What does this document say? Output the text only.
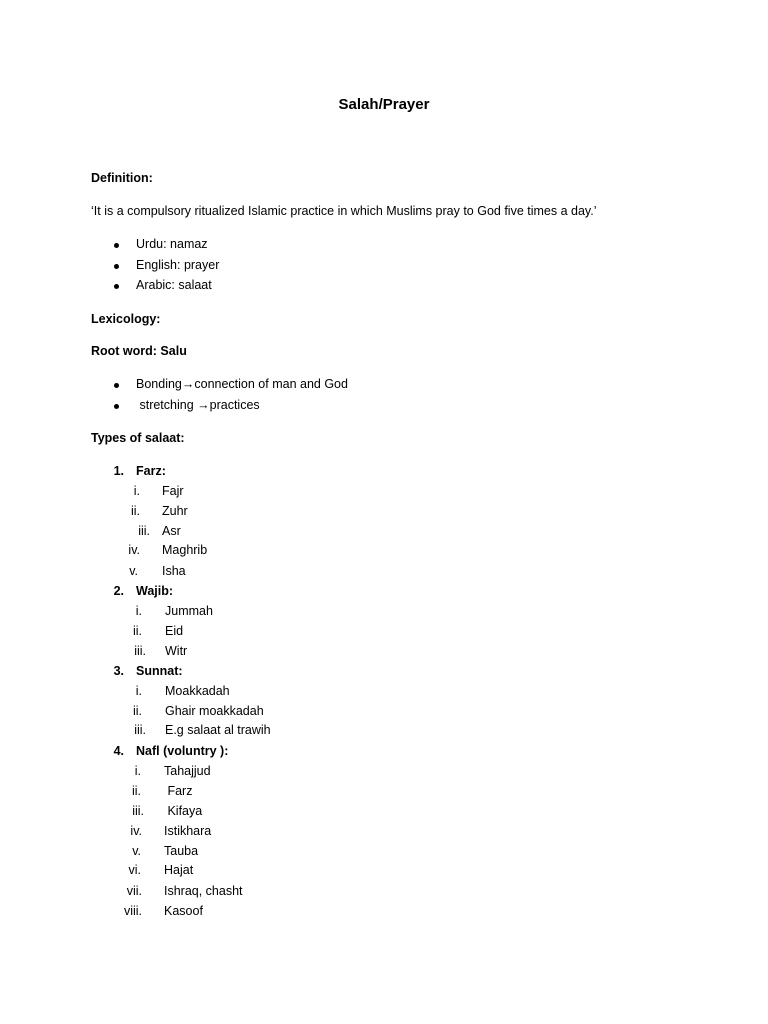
Salah/Prayer
Definition:
‘It is a compulsory ritualized Islamic practice in which Muslims pray to God five times a day.’
Urdu: namaz
English: prayer
Arabic: salaat
Lexicology:
Root word: Salu
Bonding→connection of man and God
stretching →practices
Types of salaat:
1. Farz:
i. Fajr
ii. Zuhr
iii. Asr
iv. Maghrib
v. Isha
2. Wajib:
i. Jummah
ii. Eid
iii. Witr
3. Sunnat:
i. Moakkadah
ii. Ghair moakkadah
iii. E.g salaat al trawih
4. Nafl (voluntry ):
i. Tahajjud
ii. Farz
iii. Kifaya
iv. Istikhara
v. Tauba
vi. Hajat
vii. Ishraq, chasht
viii. Kasoof
